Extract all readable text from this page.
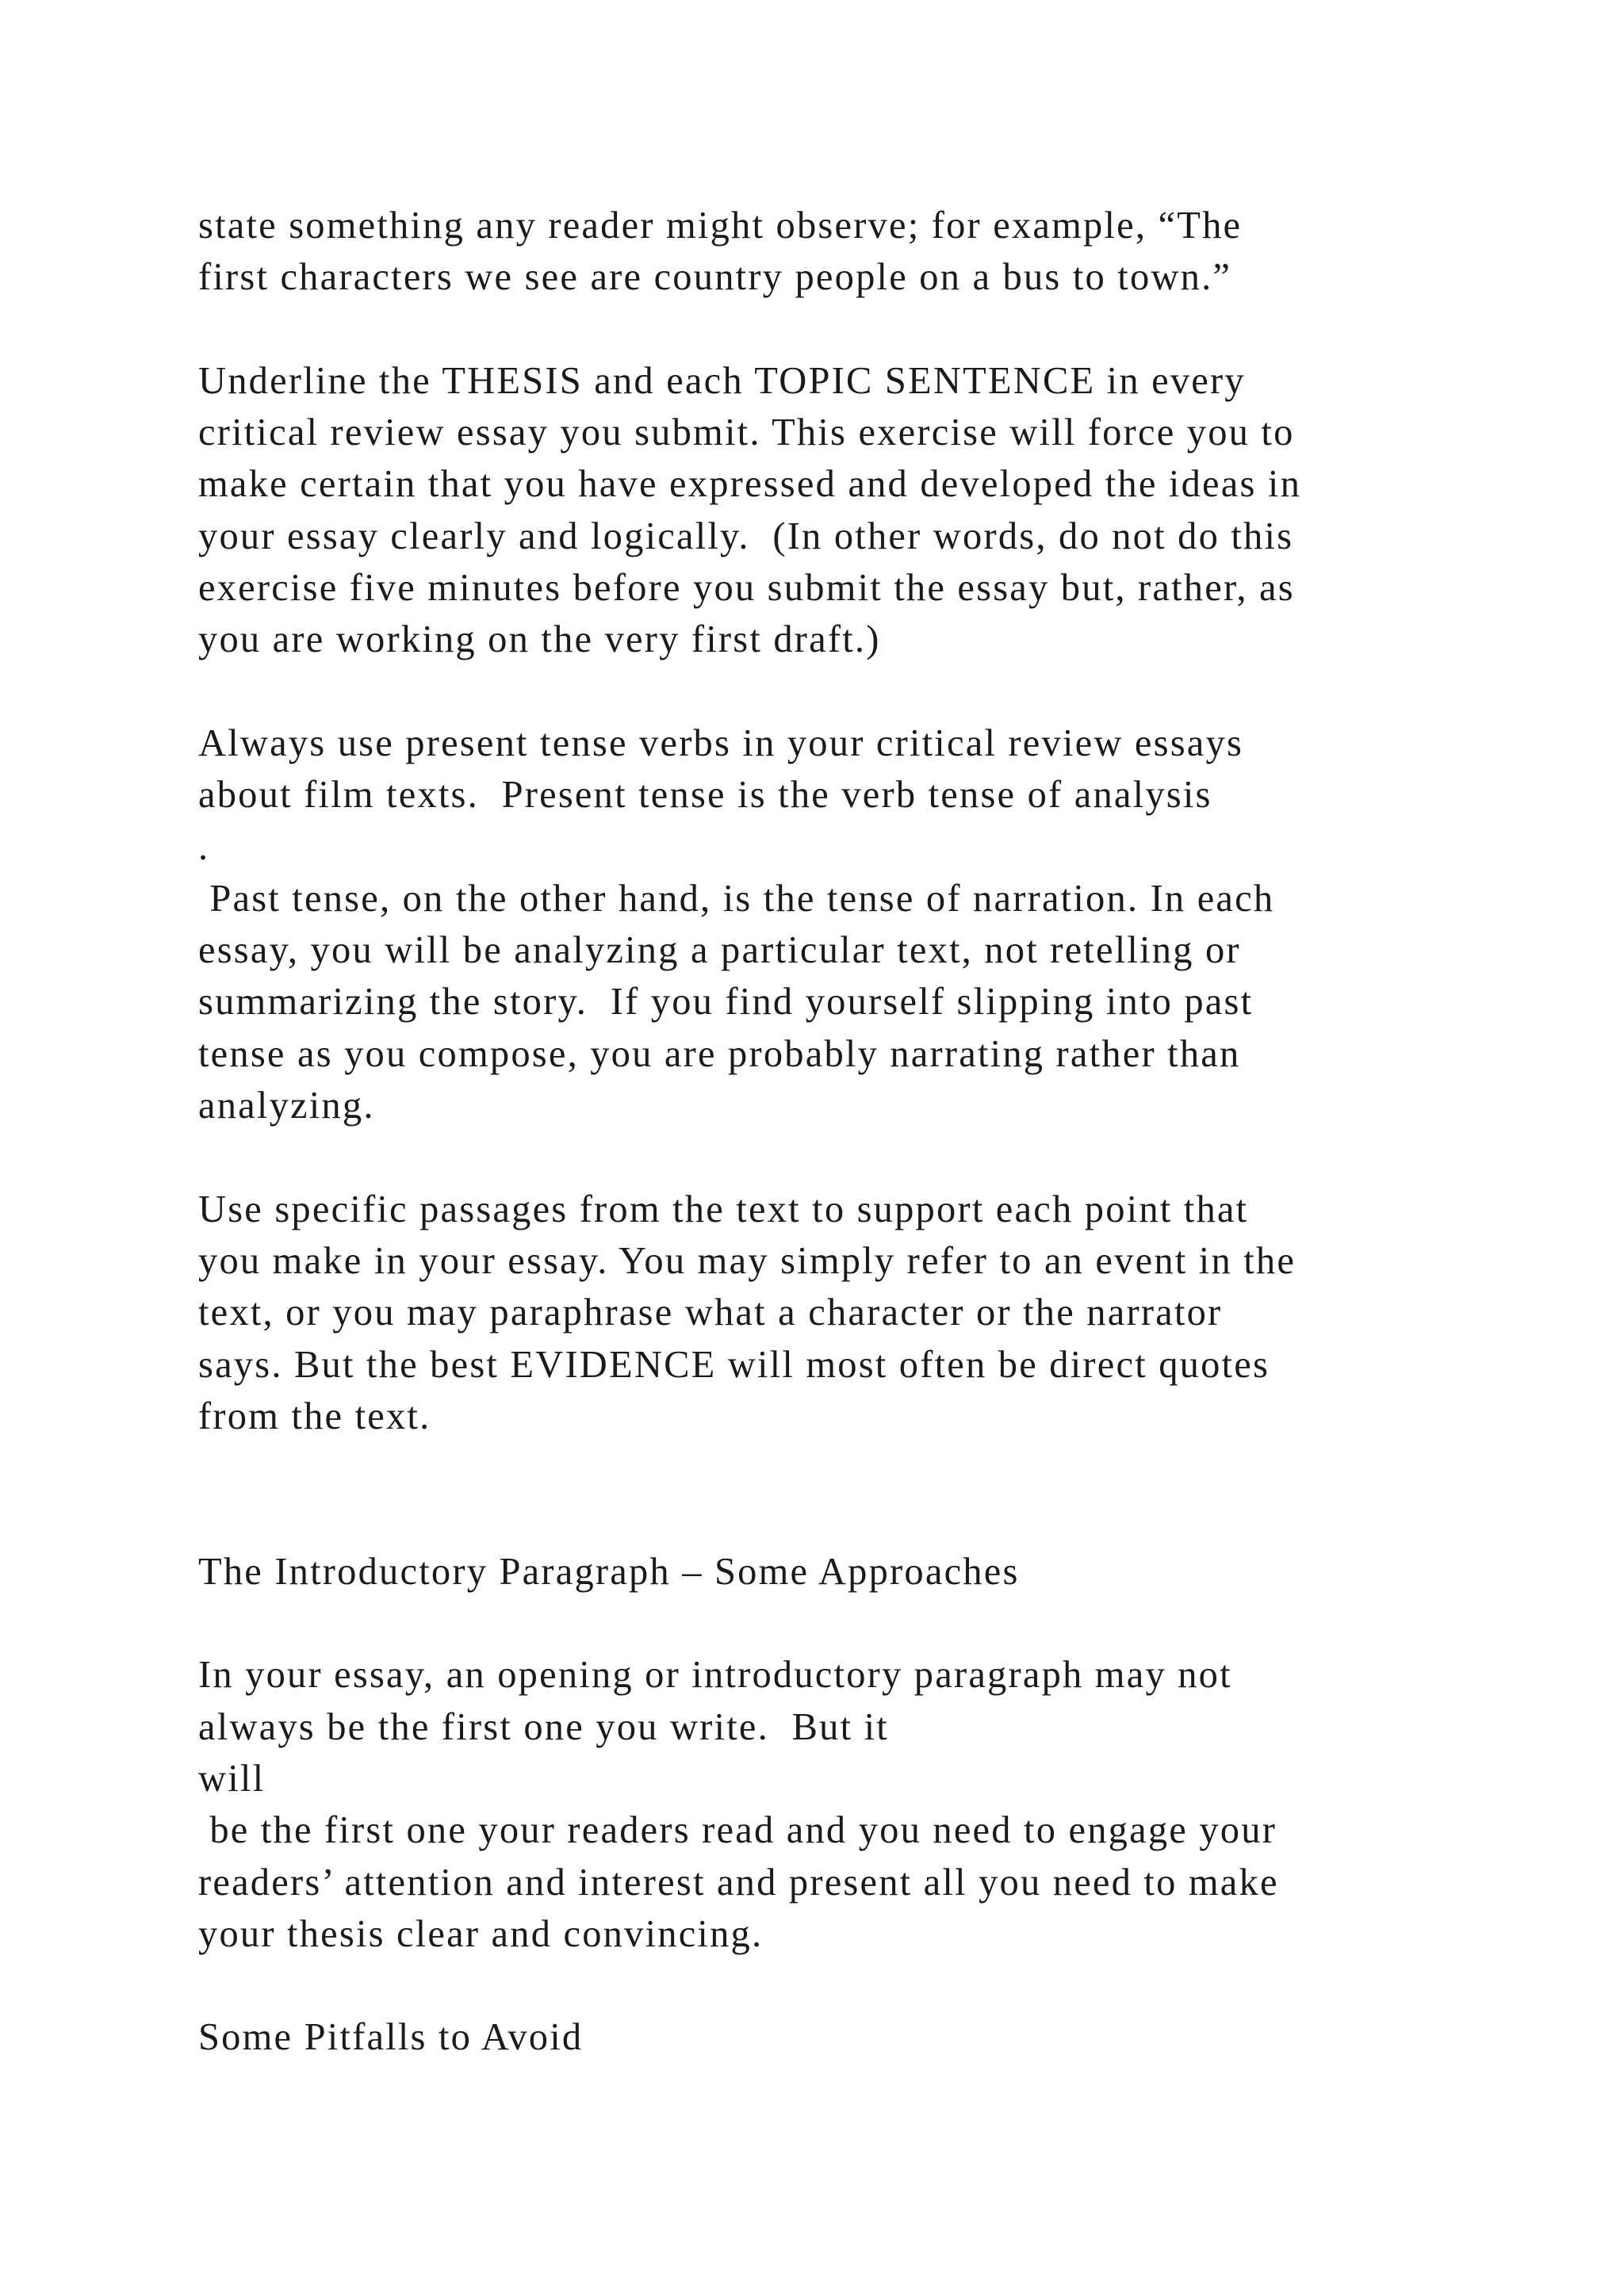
state something any reader might observe; for example, “The
first characters we see are country people on a bus to town.”
Underline the THESIS and each TOPIC SENTENCE in every
critical review essay you submit. This exercise will force you to
make certain that you have expressed and developed the ideas in
your essay clearly and logically.  (In other words, do not do this
exercise five minutes before you submit the essay but, rather, as
you are working on the very first draft.)
Always use present tense verbs in your critical review essays
about film texts.  Present tense is the verb tense of analysis
.
Past tense, on the other hand, is the tense of narration. In each
essay, you will be analyzing a particular text, not retelling or
summarizing the story.  If you find yourself slipping into past
tense as you compose, you are probably narrating rather than
analyzing.
Use specific passages from the text to support each point that
you make in your essay. You may simply refer to an event in the
text, or you may paraphrase what a character or the narrator
says. But the best EVIDENCE will most often be direct quotes
from the text.
The Introductory Paragraph – Some Approaches
In your essay, an opening or introductory paragraph may not
always be the first one you write.  But it
will
be the first one your readers read and you need to engage your
readers’ attention and interest and present all you need to make
your thesis clear and convincing.
Some Pitfalls to Avoid
